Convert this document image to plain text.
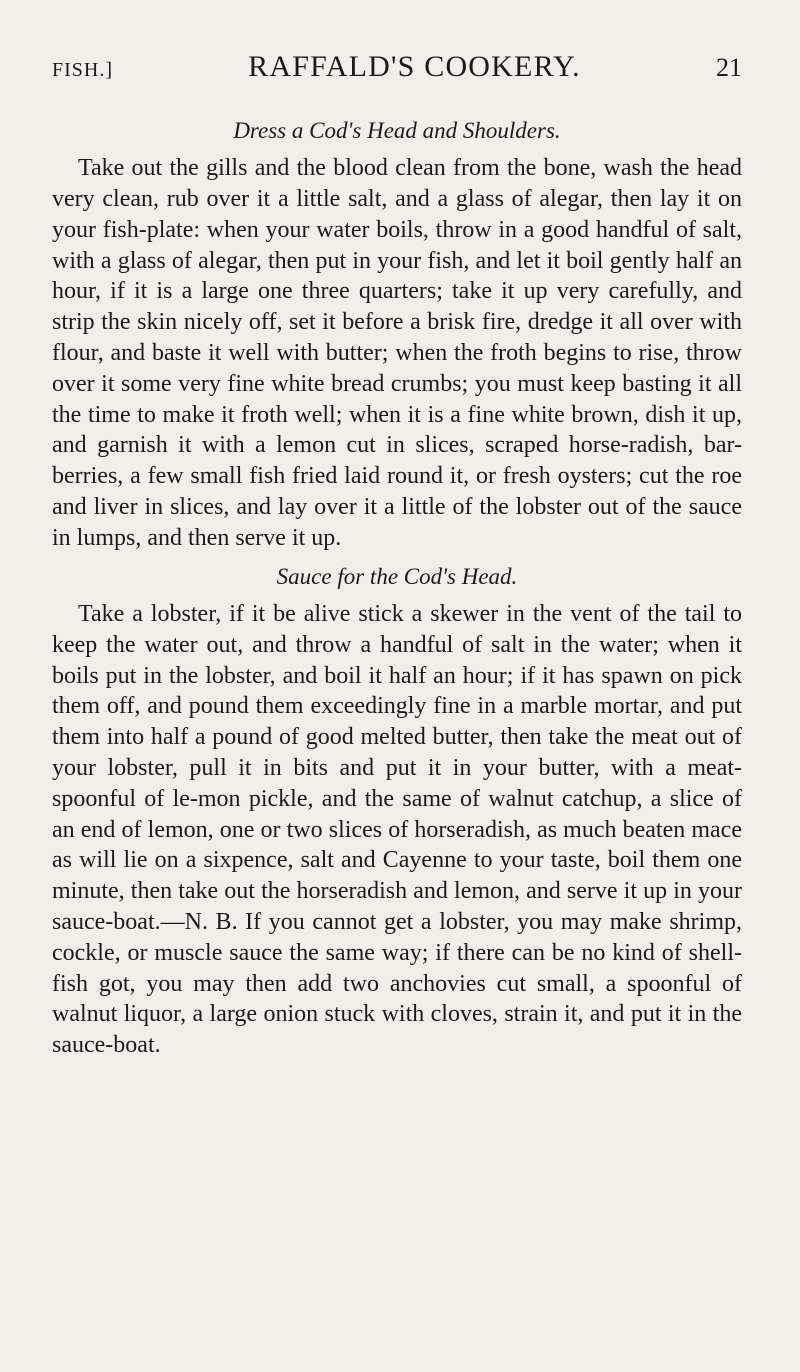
FISH.]	RAFFALD'S COOKERY.	21
Dress a Cod's Head and Shoulders.

Take out the gills and the blood clean from the bone, wash the head very clean, rub over it a little salt, and a glass of alegar, then lay it on your fish-plate: when your water boils, throw in a good handful of salt, with a glass of alegar, then put in your fish, and let it boil gently half an hour, if it is a large one three quarters; take it up very carefully, and strip the skin nicely off, set it before a brisk fire, dredge it all over with flour, and baste it well with butter; when the froth begins to rise, throw over it some very fine white bread crumbs; you must keep basting it all the time to make it froth well; when it is a fine white brown, dish it up, and garnish it with a lemon cut in slices, scraped horse-radish, bar-berries, a few small fish fried laid round it, or fresh oysters; cut the roe and liver in slices, and lay over it a little of the lobster out of the sauce in lumps, and then serve it up.

Sauce for the Cod's Head.

Take a lobster, if it be alive stick a skewer in the vent of the tail to keep the water out, and throw a handful of salt in the water; when it boils put in the lobster, and boil it half an hour; if it has spawn on pick them off, and pound them exceedingly fine in a marble mortar, and put them into half a pound of good melted butter, then take the meat out of your lobster, pull it in bits and put it in your butter, with a meat-spoonful of le-mon pickle, and the same of walnut catchup, a slice of an end of lemon, one or two slices of horseradish, as much beaten mace as will lie on a sixpence, salt and Cayenne to your taste, boil them one minute, then take out the horseradish and lemon, and serve it up in your sauce-boat.—N. B. If you cannot get a lobster, you may make shrimp, cockle, or muscle sauce the same way; if there can be no kind of shell-fish got, you may then add two anchovies cut small, a spoonful of walnut liquor, a large onion stuck with cloves, strain it, and put it in the sauce-boat.
